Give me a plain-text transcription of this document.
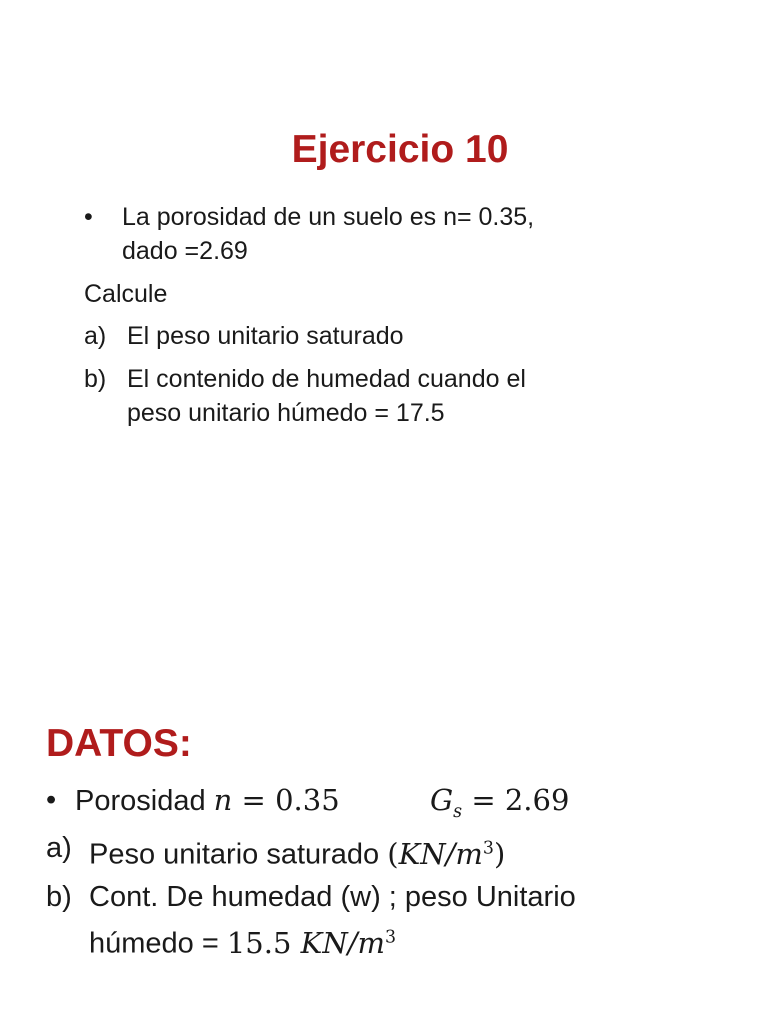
Ejercicio 10
• La porosidad de un suelo es n= 0.35,
dado =2.69
Calcule
a) El peso unitario saturado
b) El contenido de humedad cuando el
peso unitario húmedo = 17.5
DATOS:
• Porosidad n = 0.35	$G_s = 2.69$
a) Peso unitario saturado $(KN/m^3)$
b) Cont. De humedad (w) ; peso Unitario
húmedo = 15.5 $KN/m^3$
